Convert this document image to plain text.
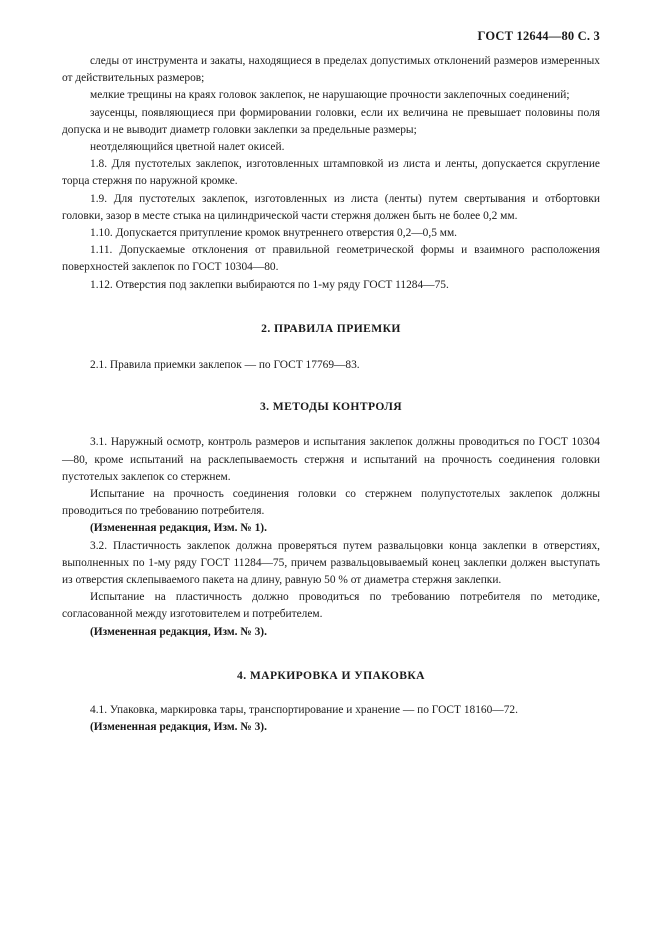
ГОСТ 12644—80 С. 3

следы от инструмента и закаты, находящиеся в пределах допустимых отклонений размеров измеренных от действительных размеров;

мелкие трещины на краях головок заклепок, не нарушающие прочности заклепочных соединений;

заусенцы, появляющиеся при формировании головки, если их величина не превышает половины поля допуска и не выводит диаметр головки заклепки за предельные размеры;

неотделяющийся цветной налет окисей.

1.8. Для пустотелых заклепок, изготовленных штамповкой из листа и ленты, допускается скругление торца стержня по наружной кромке.

1.9. Для пустотелых заклепок, изготовленных из листа (ленты) путем свертывания и отбортовки головки, зазор в месте стыка на цилиндрической части стержня должен быть не более 0,2 мм.

1.10. Допускается притупление кромок внутреннего отверстия 0,2—0,5 мм.

1.11. Допускаемые отклонения от правильной геометрической формы и взаимного расположения поверхностей заклепок по ГОСТ 10304—80.

1.12. Отверстия под заклепки выбираются по 1-му ряду ГОСТ 11284—75.

2. ПРАВИЛА ПРИЕМКИ

2.1. Правила приемки заклепок — по ГОСТ 17769—83.

3. МЕТОДЫ КОНТРОЛЯ

3.1. Наружный осмотр, контроль размеров и испытания заклепок должны проводиться по ГОСТ 10304—80, кроме испытаний на расклепываемость стержня и испытаний на прочность соединения головки пустотелых заклепок со стержнем.

Испытание на прочность соединения головки со стержнем полупустотелых заклепок должны проводиться по требованию потребителя.

(Измененная редакция, Изм. № 1).

3.2. Пластичность заклепок должна проверяться путем развальцовки конца заклепки в отверстиях, выполненных по 1-му ряду ГОСТ 11284—75, причем развальцовываемый конец заклепки должен выступать из отверстия склепываемого пакета на длину, равную 50 % от диаметра стержня заклепки.

Испытание на пластичность должно проводиться по требованию потребителя по методике, согласованной между изготовителем и потребителем.

(Измененная редакция, Изм. № 3).

4. МАРКИРОВКА И УПАКОВКА

4.1. Упаковка, маркировка тары, транспортирование и хранение — по ГОСТ 18160—72.

(Измененная редакция, Изм. № 3).
